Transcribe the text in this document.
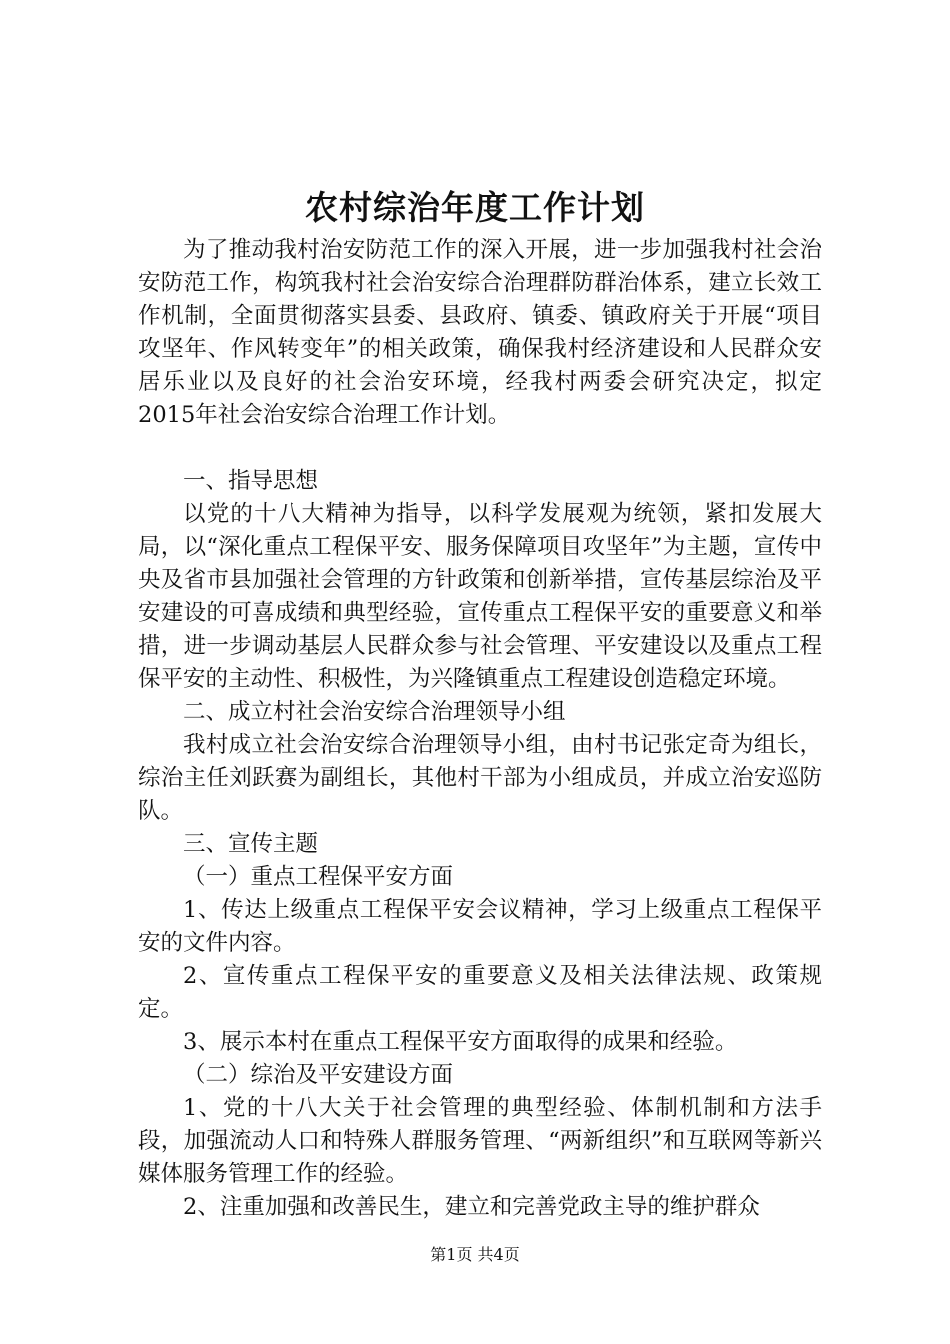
农村综治年度工作计划

为了推动我村治安防范工作的深入开展，进一步加强我村社会治安防范工作，构筑我村社会治安综合治理群防群治体系，建立长效工作机制，全面贯彻落实县委、县政府、镇委、镇政府关于开展“项目攻坚年、作风转变年”的相关政策，确保我村经济建设和人民群众安居乐业以及良好的社会治安环境，经我村两委会研究决定，拟定2015年社会治安综合治理工作计划。

一、指导思想

以党的十八大精神为指导，以科学发展观为统领，紧扣发展大局，以“深化重点工程保平安、服务保障项目攻坚年”为主题，宣传中央及省市县加强社会管理的方针政策和创新举措，宣传基层综治及平安建设的可喜成绩和典型经验，宣传重点工程保平安的重要意义和举措，进一步调动基层人民群众参与社会管理、平安建设以及重点工程保平安的主动性、积极性，为兴隆镇重点工程建设创造稳定环境。

二、成立村社会治安综合治理领导小组

我村成立社会治安综合治理领导小组，由村书记张定奇为组长，综治主任刘跃赛为副组长，其他村干部为小组成员，并成立治安巡防队。

三、宣传主题

（一）重点工程保平安方面

1、传达上级重点工程保平安会议精神，学习上级重点工程保平安的文件内容。

2、宣传重点工程保平安的重要意义及相关法律法规、政策规定。

3、展示本村在重点工程保平安方面取得的成果和经验。

（二）综治及平安建设方面

1、党的十八大关于社会管理的典型经验、体制机制和方法手段，加强流动人口和特殊人群服务管理、“两新组织”和互联网等新兴媒体服务管理工作的经验。

2、注重加强和改善民生，建立和完善党政主导的维护群众

第1页 共4页
